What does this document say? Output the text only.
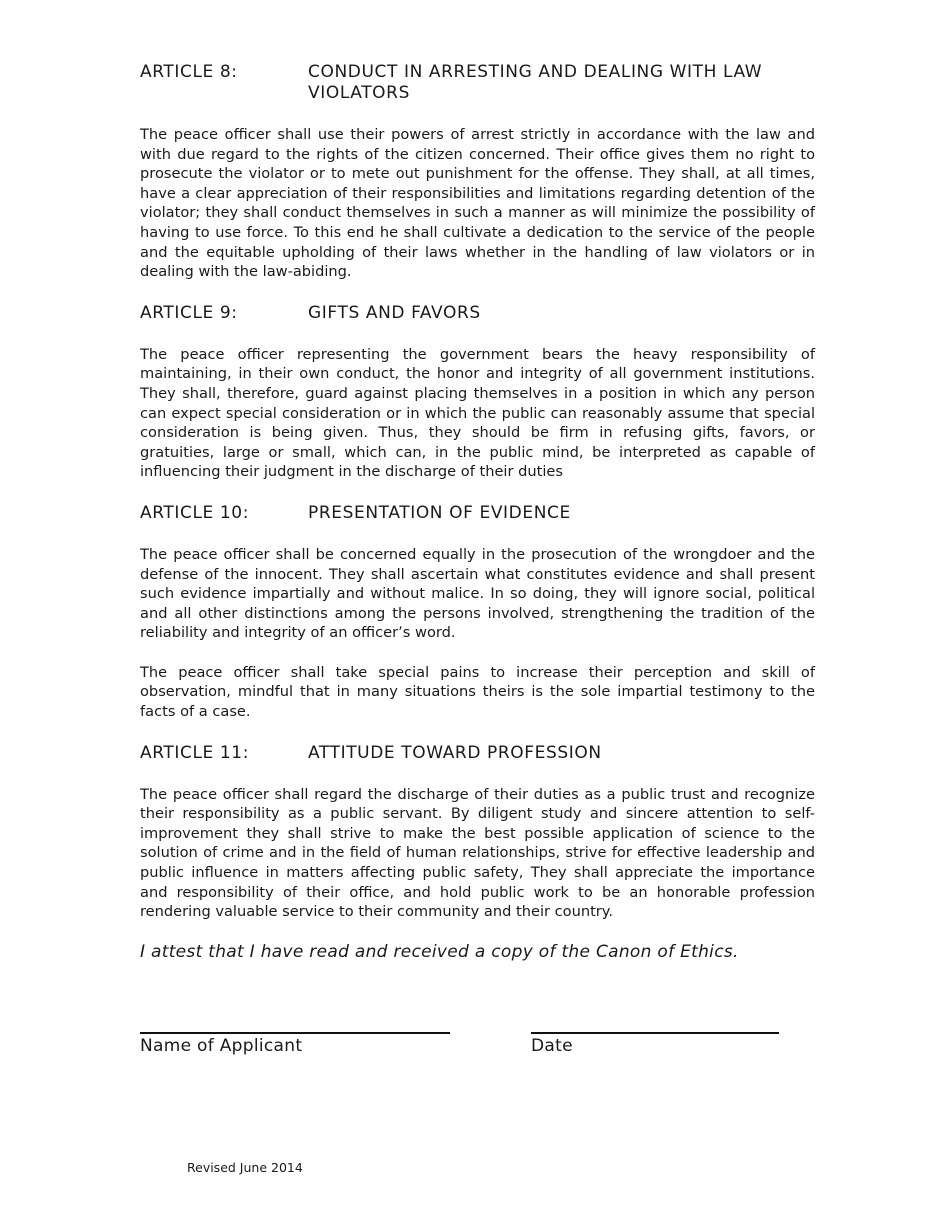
ARTICLE 8:	CONDUCT IN ARRESTING AND DEALING WITH LAW VIOLATORS

The peace officer shall use their powers of arrest strictly in accordance with the law and with due regard to the rights of the citizen concerned. Their office gives them no right to prosecute the violator or to mete out punishment for the offense. They shall, at all times, have a clear appreciation of their responsibilities and limitations regarding detention of the violator; they shall conduct themselves in such a manner as will minimize the possibility of having to use force. To this end he shall cultivate a dedication to the service of the people and the equitable upholding of their laws whether in the handling of law violators or in dealing with the law-abiding.

ARTICLE 9:	GIFTS AND FAVORS

The peace officer representing the government bears the heavy responsibility of maintaining, in their own conduct, the honor and integrity of all government institutions. They shall, therefore, guard against placing themselves in a position in which any person can expect special consideration or in which the public can reasonably assume that special consideration is being given. Thus, they should be firm in refusing gifts, favors, or gratuities, large or small, which can, in the public mind, be interpreted as capable of influencing their judgment in the discharge of their duties

ARTICLE 10:	PRESENTATION OF EVIDENCE

The peace officer shall be concerned equally in the prosecution of the wrongdoer and the defense of the innocent. They shall ascertain what constitutes evidence and shall present such evidence impartially and without malice. In so doing, they will ignore social, political and all other distinctions among the persons involved, strengthening the tradition of the reliability and integrity of an officer’s word.

The peace officer shall take special pains to increase their perception and skill of observation, mindful that in many situations theirs is the sole impartial testimony to the facts of a case.

ARTICLE 11:	ATTITUDE TOWARD PROFESSION

The peace officer shall regard the discharge of their duties as a public trust and recognize their responsibility as a public servant. By diligent study and sincere attention to self-improvement they shall strive to make the best possible application of science to the solution of crime and in the field of human relationships, strive for effective leadership and public influence in matters affecting public safety, They shall appreciate the importance and responsibility of their office, and hold public work to be an honorable profession rendering valuable service to their community and their country.

I attest that I have read and received a copy of the Canon of Ethics.
Name of Applicant	Date
Revised June 2014
